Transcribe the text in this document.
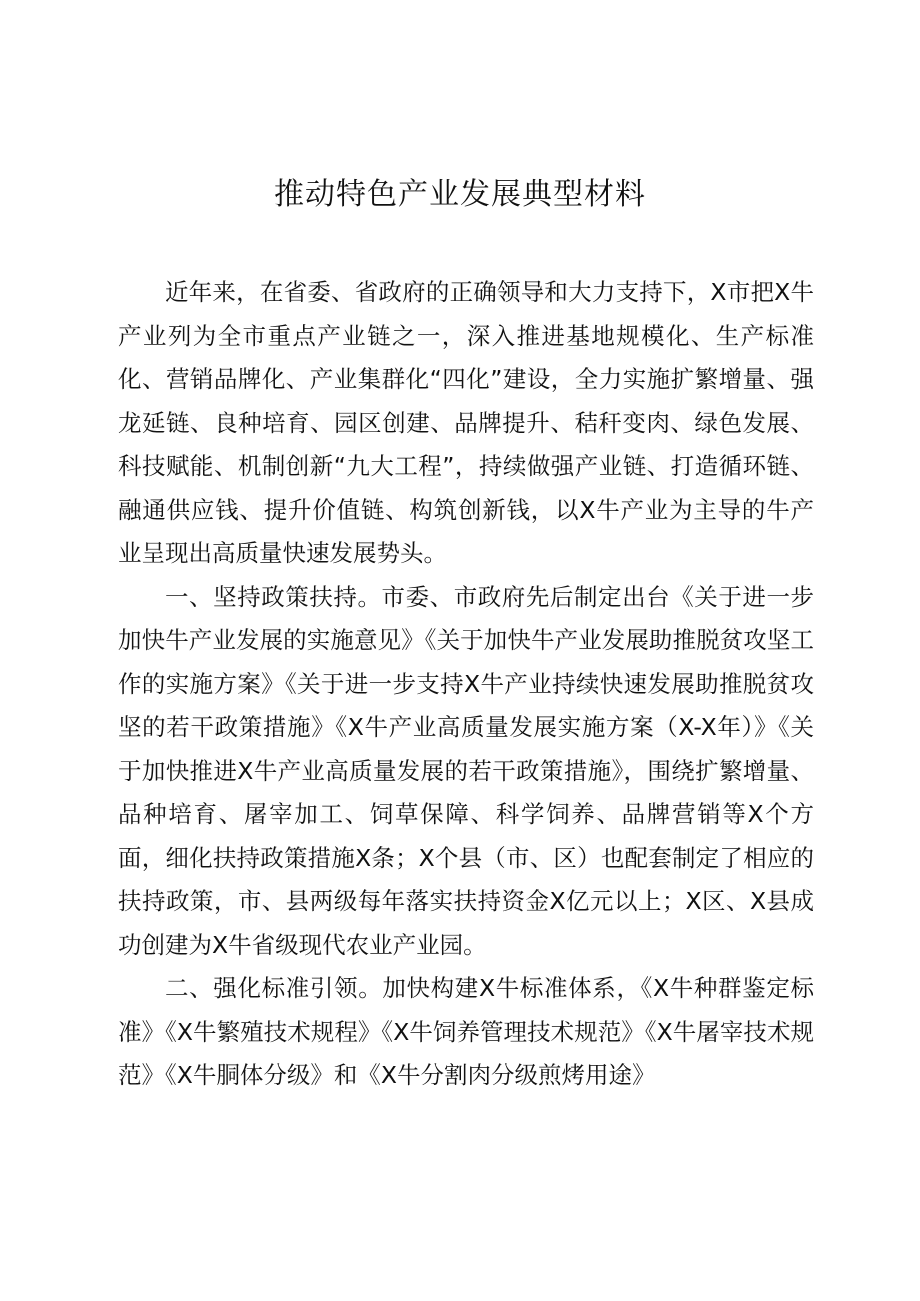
推动特色产业发展典型材料

近年来，在省委、省政府的正确领导和大力支持下，X市把X牛产业列为全市重点产业链之一，深入推进基地规模化、生产标准化、营销品牌化、产业集群化“四化”建设，全力实施扩繁增量、强龙延链、良种培育、园区创建、品牌提升、秸秆变肉、绿色发展、科技赋能、机制创新“九大工程”，持续做强产业链、打造循环链、融通供应钱、提升价值链、构筑创新钱，以X牛产业为主导的牛产业呈现出高质量快速发展势头。

一、坚持政策扶持。市委、市政府先后制定出台《关于进一步加快牛产业发展的实施意见》《关于加快牛产业发展助推脱贫攻坚工作的实施方案》《关于进一步支持X牛产业持续快速发展助推脱贫攻坚的若干政策措施》《X牛产业高质量发展实施方案（X-X年）》《关于加快推进X牛产业高质量发展的若干政策措施》，围绕扩繁增量、品种培育、屠宰加工、饲草保障、科学饲养、品牌营销等X个方面，细化扶持政策措施X条；X个县（市、区）也配套制定了相应的扶持政策，市、县两级每年落实扶持资金X亿元以上；X区、X县成功创建为X牛省级现代农业产业园。

二、强化标准引领。加快构建X牛标准体系，《X牛种群鉴定标准》《X牛繁殖技术规程》《X牛饲养管理技术规范》《X牛屠宰技术规范》《X牛胴体分级》和《X牛分割肉分级煎烤用途》
